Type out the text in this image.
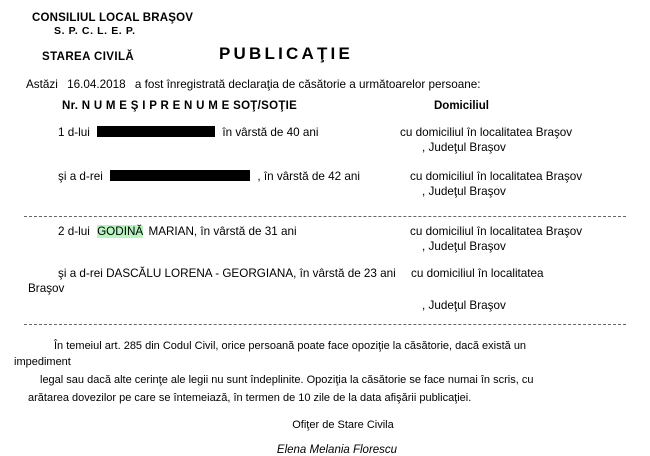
CONSILIUL LOCAL BRAŞOV
S. P. C. L. E. P.
STAREA CIVILĂ	PUBLICAŢIE
Astăzi 16.04.2018 a fost înregistrată declaraţia de căsătorie a următoarelor persoane:
Nr. N U M E Ş I P R E N U M E SOŢ/SOŢIE	Domiciliul
1 d-lui	în vârstă de 40 ani	cu domiciliul în localitatea Braşov
, Judeţul Braşov
şi a d-rei	, în vârstă de 42 ani	cu domiciliul în localitatea Braşov
, Judeţul Braşov
2 d-lui GODINĂ MARIAN, în vârstă de 31 ani	cu domiciliul în localitatea Braşov
, Judeţul Braşov
şi a d-rei DASCĂLU LORENA - GEORGIANA, în vârstă de 23 ani cu domiciliul în localitatea
Braşov
, Judeţul Braşov

În temeiul art. 285 din Codul Civil, orice persoană poate face opoziţie la căsătorie, dacă există un impediment

legal sau dacă alte cerinţe ale legii nu sunt îndeplinite. Opoziţia la căsătorie se face numai în scris, cu

arătarea dovezilor pe care se întemeiază, în termen de 10 zile de la data afişării publicaţiei.

Ofiţer de Stare Civila
Elena Melania Florescu
